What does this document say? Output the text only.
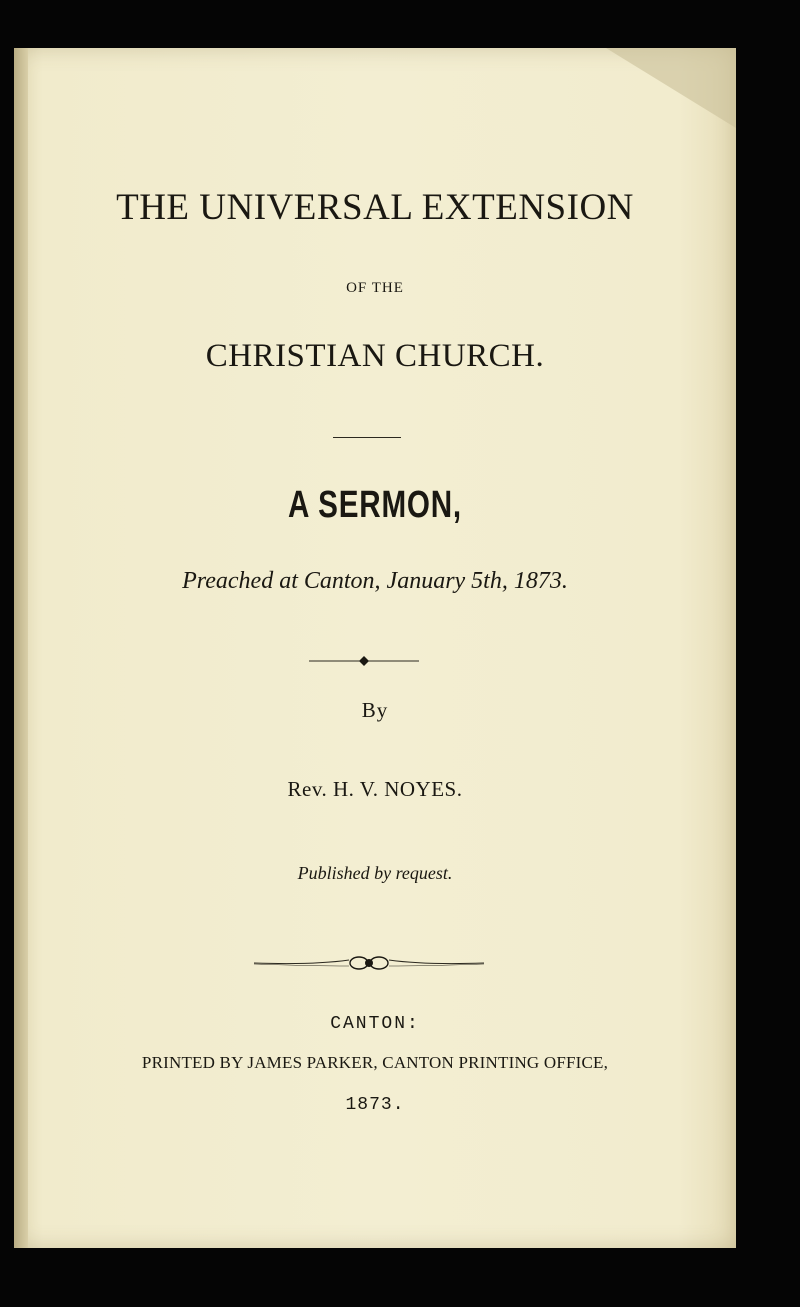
THE UNIVERSAL EXTENSION
OF THE
CHRISTIAN CHURCH.
A SERMON,
Preached at Canton, January 5th, 1873.
By
Rev. H. V. NOYES.
Published by request.
CANTON:
PRINTED BY JAMES PARKER, CANTON PRINTING OFFICE,
1873.
